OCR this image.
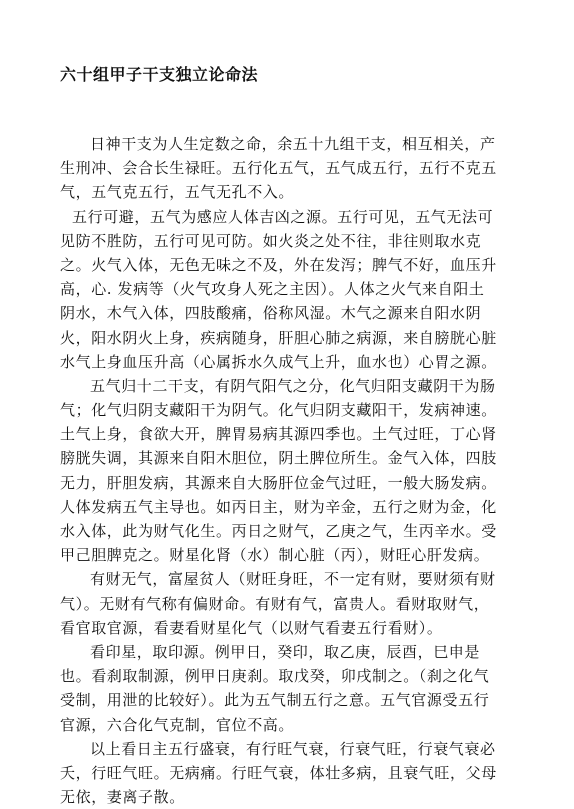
六十组甲子干支独立论命法
日神干支为人生定数之命，余五十九组干支，相互相关，产
生刑冲、会合长生禄旺。五行化五气，五气成五行，五行不克五
气，五气克五行，五气无孔不入。
五行可避，五气为感应人体吉凶之源。五行可见，五气无法可
见防不胜防，五行可见可防。如火炎之处不往，非往则取水克
之。火气入体，无色无味之不及，外在发泻；脾气不好，血压升
高，心. 发病等（火气攻身人死之主因）。人体之火气来自阳土
阴水，木气入体，四肢酸痛，俗称风湿。木气之源来自阳水阴
火，阳水阴火上身，疾病随身，肝胆心肺之病源，来自膀胱心脏
水气上身血压升高（心属拆水久成气上升，血水也）心胃之源。
五气归十二干支，有阴气阳气之分，化气归阳支藏阴干为肠
气；化气归阴支藏阳干为阴气。化气归阴支藏阳干，发病神速。
土气上身，食欲大开，脾胃易病其源四季也。土气过旺，丁心肾
膀胱失调，其源来自阳木胆位，阴土脾位所生。金气入体，四肢
无力，肝胆发病，其源来自大肠肝位金气过旺，一般大肠发病。
人体发病五气主导也。如丙日主，财为辛金，五行之财为金，化
水入体，此为财气化生。丙日之财气，乙庚之气，生丙辛水。受
甲己胆脾克之。财星化肾（水）制心脏（丙），财旺心肝发病。
有财无气，富屋贫人（财旺身旺，不一定有财，要财须有财
气）。无财有气称有偏财命。有财有气，富贵人。看财取财气，
看官取官源，看妻看财星化气（以财气看妻五行看财）。
看印星，取印源。例甲日，癸印，取乙庚，辰酉，巳申是
也。看刹取制源，例甲日庚刹。取戊癸，卯戌制之。（刹之化气
受制，用泄的比较好）。此为五气制五行之意。五气官源受五行
官源，六合化气克制，官位不高。
以上看日主五行盛衰，有行旺气衰，行衰气旺，行衰气衰必
夭，行旺气旺。无病痛。行旺气衰，体壮多病，且衰气旺，父母
无依，妻离子散。
